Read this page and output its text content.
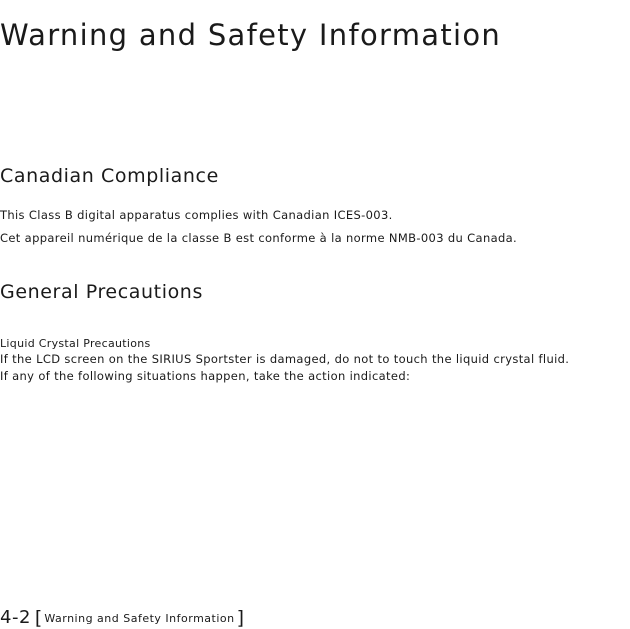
Warning and Safety Information
Canadian Compliance
This Class B digital apparatus complies with Canadian ICES-003.
Cet appareil numérique de la classe B est conforme à la norme NMB-003 du Canada.
General Precautions
Liquid Crystal Precautions
If the LCD screen on the SIRIUS Sportster is damaged, do not to touch the liquid crystal fluid.
If any of the following situations happen, take the action indicated:
4-2 [ Warning and Safety Information ]
